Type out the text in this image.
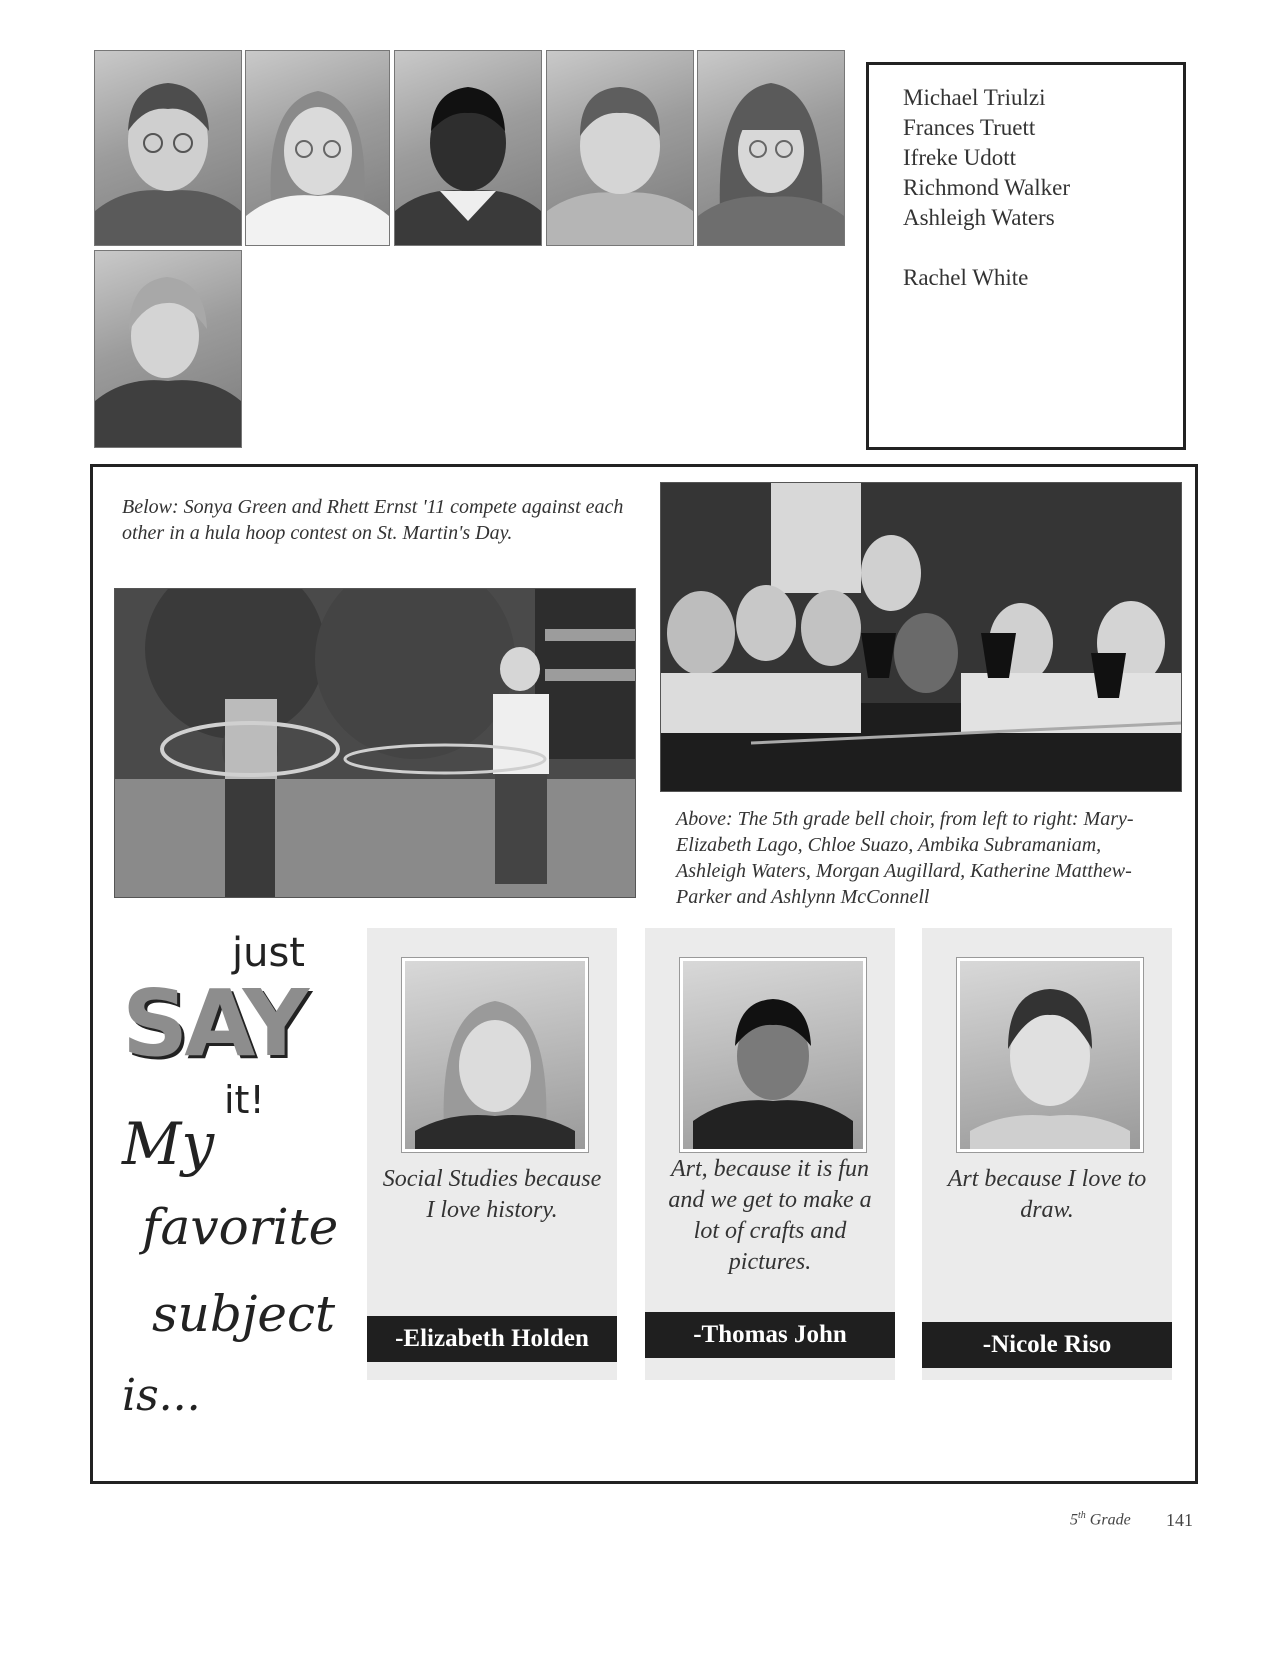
Michael Triulzi
Frances Truett
Ifreke Udott
Richmond Walker
Ashleigh Waters
Rachel White
Below: Sonya Green and Rhett Ernst '11 compete against each other in a hula hoop contest on St. Martin's Day.
Above: The 5th grade bell choir, from left to right: Mary-Elizabeth Lago, Chloe Suazo, Ambika Subramaniam, Ashleigh Waters, Morgan Augillard, Katherine Matthew-Parker and Ashlynn McConnell
just
SAY
it!
My
favorite
subject
is...
Social Studies because I love history.
-Elizabeth Holden
Art, because it is fun and we get to make a lot of crafts and pictures.
-Thomas John
Art because I love to draw.
-Nicole Riso
5th Grade 141
